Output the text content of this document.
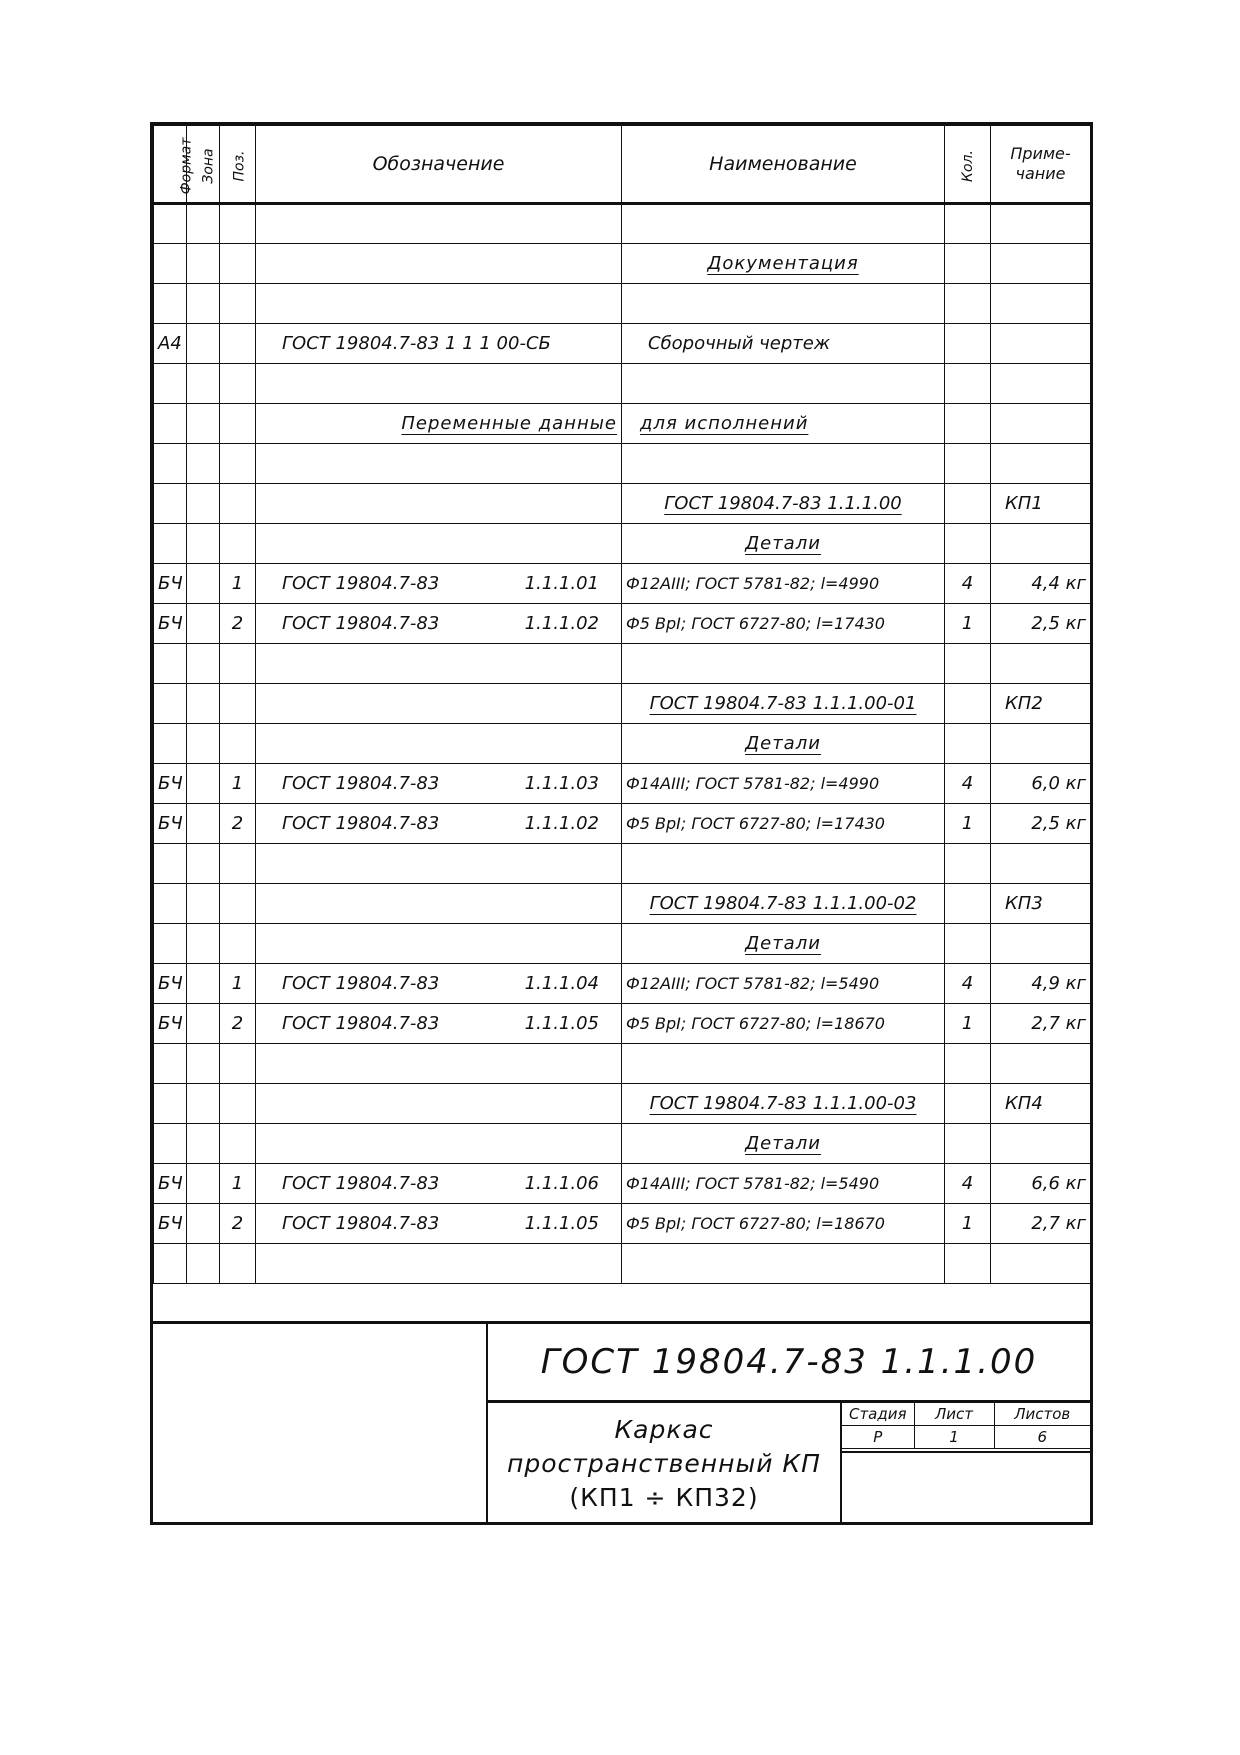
Формат	Зона	Поз.	Обозначение	Наименование	Кол.	Приме-
чание

				Документация		

А4			ГОСТ 19804.7-83 1 1 1 00-СБ	Сборочный чертеж		

			Переменные данные	для исполнений		

				ГОСТ 19804.7-83 1.1.1.00		КП1
				Детали		
БЧ		1	ГОСТ 19804.7-83 1.1.1.01	Ф12АIII; ГОСТ 5781-82; l=4990	4	4,4 кг
БЧ		2	ГОСТ 19804.7-83 1.1.1.02	Ф5 ВрI; ГОСТ 6727-80; l=17430	1	2,5 кг

				ГОСТ 19804.7-83 1.1.1.00-01		КП2
				Детали		
БЧ		1	ГОСТ 19804.7-83 1.1.1.03	Ф14АIII; ГОСТ 5781-82; l=4990	4	6,0 кг
БЧ		2	ГОСТ 19804.7-83 1.1.1.02	Ф5 ВрI; ГОСТ 6727-80; l=17430	1	2,5 кг

				ГОСТ 19804.7-83 1.1.1.00-02		КП3
				Детали		
БЧ		1	ГОСТ 19804.7-83 1.1.1.04	Ф12АIII; ГОСТ 5781-82; l=5490	4	4,9 кг
БЧ		2	ГОСТ 19804.7-83 1.1.1.05	Ф5 ВрI; ГОСТ 6727-80; l=18670	1	2,7 кг

				ГОСТ 19804.7-83 1.1.1.00-03		КП4
				Детали		
БЧ		1	ГОСТ 19804.7-83 1.1.1.06	Ф14АIII; ГОСТ 5781-82; l=5490	4	6,6 кг
БЧ		2	ГОСТ 19804.7-83 1.1.1.05	Ф5 ВрI; ГОСТ 6727-80; l=18670	1	2,7 кг

ГОСТ 19804.7-83 1.1.1.00
Каркас
пространственный КП
(КП1 ÷ КП32)
Стадия	Лист	Листов
Р	1	6
